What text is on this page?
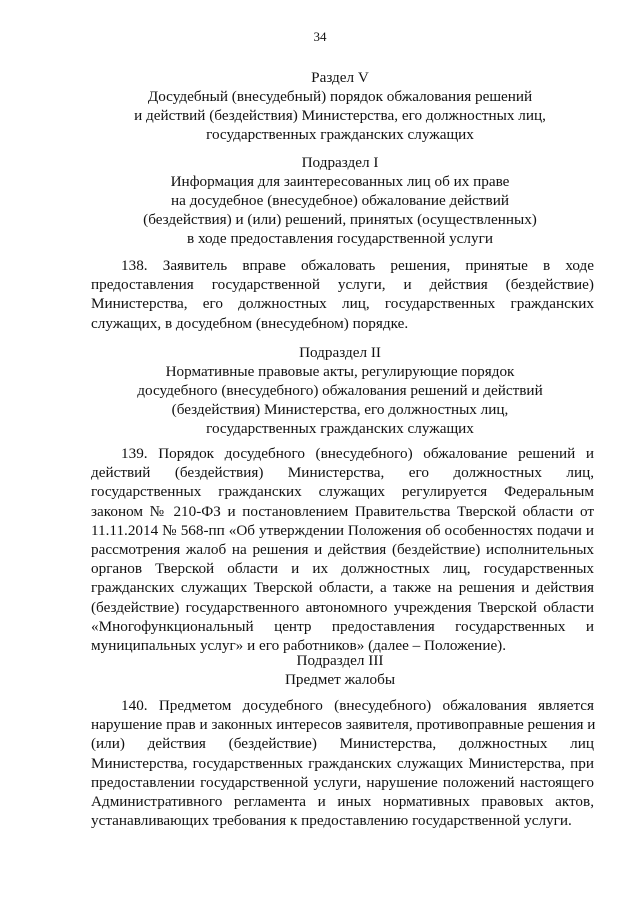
34
Раздел V
Досудебный (внесудебный) порядок обжалования решений
и действий (бездействия) Министерства, его должностных лиц,
государственных гражданских служащих
Подраздел I
Информация для заинтересованных лиц об их праве
на досудебное (внесудебное) обжалование действий
(бездействия) и (или) решений, принятых (осуществленных)
в ходе предоставления государственной услуги
138. Заявитель вправе обжаловать решения, принятые в ходе
предоставления государственной услуги, и действия (бездействие)
Министерства, его должностных лиц, государственных гражданских
служащих, в досудебном (внесудебном) порядке.
Подраздел II
Нормативные правовые акты, регулирующие порядок
досудебного (внесудебного) обжалования решений и действий
(бездействия) Министерства, его должностных лиц,
государственных гражданских служащих
139. Порядок досудебного (внесудебного) обжалование решений и
действий (бездействия) Министерства, его должностных лиц,
государственных гражданских служащих регулируется Федеральным
законом № 210-ФЗ и постановлением Правительства Тверской области от
11.11.2014 № 568-пп «Об утверждении Положения об особенностях подачи и
рассмотрения жалоб на решения и действия (бездействие) исполнительных
органов Тверской области и их должностных лиц, государственных
гражданских служащих Тверской области, а также на решения и действия
(бездействие) государственного автономного учреждения Тверской области
«Многофункциональный центр предоставления государственных и
муниципальных услуг» и его работников» (далее – Положение).
Подраздел III
Предмет жалобы
140. Предметом досудебного (внесудебного) обжалования является
нарушение прав и законных интересов заявителя, противоправные решения и
(или) действия (бездействие) Министерства, должностных лиц
Министерства, государственных гражданских служащих Министерства, при
предоставлении государственной услуги, нарушение положений настоящего
Административного регламента и иных нормативных правовых актов,
устанавливающих требования к предоставлению государственной услуги.
